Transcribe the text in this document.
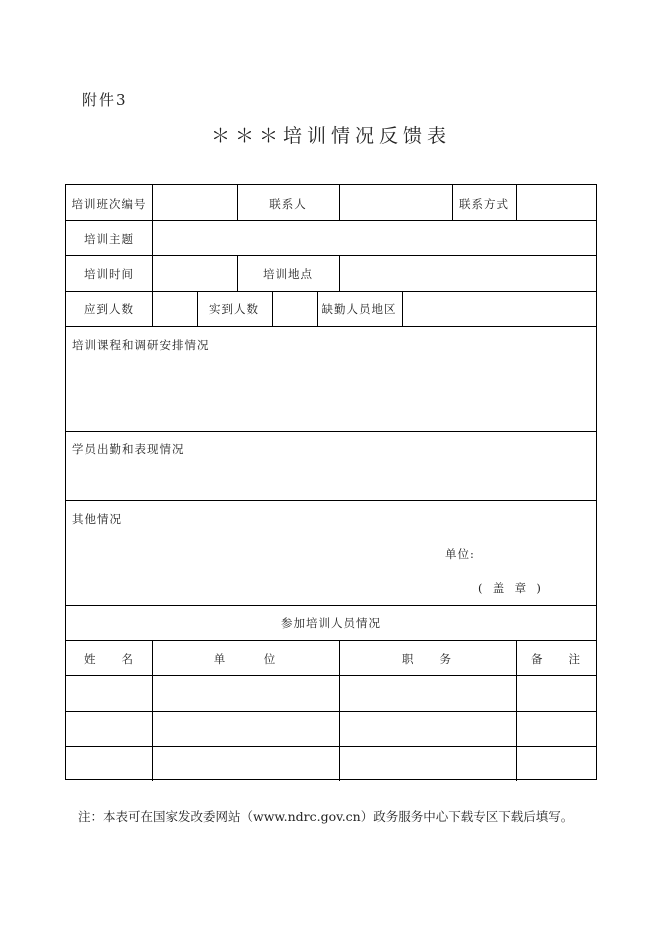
附件3
＊＊＊培训情况反馈表
培训班次编号	联系人	联系方式
培训主题
培训时间	培训地点
应到人数	实到人数	缺勤人员地区
培训课程和调研安排情况
学员出勤和表现情况
其他情况
单位:
(  盖  章  )
参加培训人员情况
姓　　名	单　　　位	职　　务	备　　注
注：本表可在国家发改委网站（www.ndrc.gov.cn）政务服务中心下载专区下载后填写。
